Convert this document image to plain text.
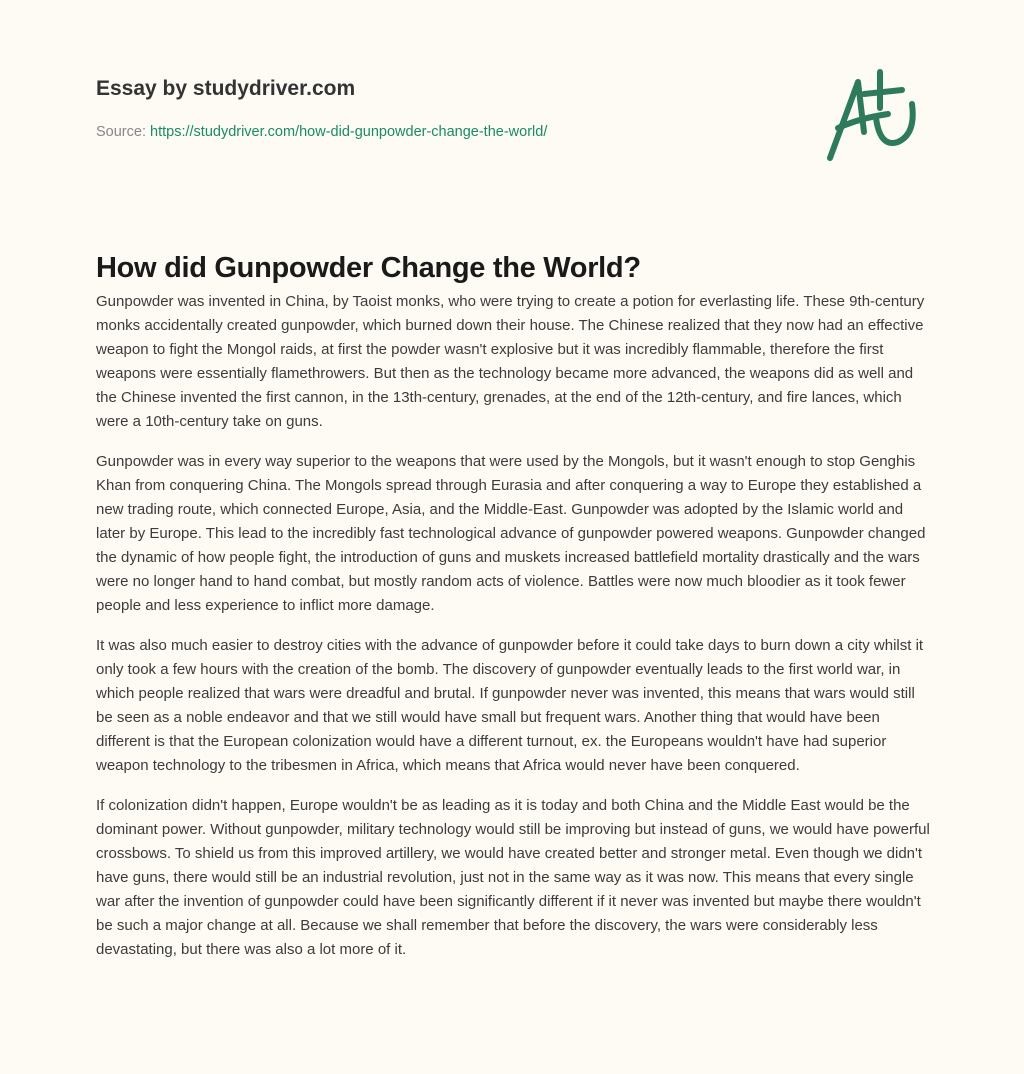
Essay by studydriver.com
Source: https://studydriver.com/how-did-gunpowder-change-the-world/
How did Gunpowder Change the World?

Gunpowder was invented in China, by Taoist monks, who were trying to create a potion for everlasting life. These 9th-century monks accidentally created gunpowder, which burned down their house. The Chinese realized that they now had an effective weapon to fight the Mongol raids, at first the powder wasn't explosive but it was incredibly flammable, therefore the first weapons were essentially flamethrowers. But then as the technology became more advanced, the weapons did as well and the Chinese invented the first cannon, in the 13th-century, grenades, at the end of the 12th-century, and fire lances, which were a 10th-century take on guns.

Gunpowder was in every way superior to the weapons that were used by the Mongols, but it wasn't enough to stop Genghis Khan from conquering China. The Mongols spread through Eurasia and after conquering a way to Europe they established a new trading route, which connected Europe, Asia, and the Middle-East. Gunpowder was adopted by the Islamic world and later by Europe. This lead to the incredibly fast technological advance of gunpowder powered weapons. Gunpowder changed the dynamic of how people fight, the introduction of guns and muskets increased battlefield mortality drastically and the wars were no longer hand to hand combat, but mostly random acts of violence. Battles were now much bloodier as it took fewer people and less experience to inflict more damage.

It was also much easier to destroy cities with the advance of gunpowder before it could take days to burn down a city whilst it only took a few hours with the creation of the bomb. The discovery of gunpowder eventually leads to the first world war, in which people realized that wars were dreadful and brutal. If gunpowder never was invented, this means that wars would still be seen as a noble endeavor and that we still would have small but frequent wars. Another thing that would have been different is that the European colonization would have a different turnout, ex. the Europeans wouldn't have had superior weapon technology to the tribesmen in Africa, which means that Africa would never have been conquered.

If colonization didn't happen, Europe wouldn't be as leading as it is today and both China and the Middle East would be the dominant power. Without gunpowder, military technology would still be improving but instead of guns, we would have powerful crossbows. To shield us from this improved artillery, we would have created better and stronger metal. Even though we didn't have guns, there would still be an industrial revolution, just not in the same way as it was now. This means that every single war after the invention of gunpowder could have been significantly different if it never was invented but maybe there wouldn't be such a major change at all. Because we shall remember that before the discovery, the wars were considerably less devastating, but there was also a lot more of it.
